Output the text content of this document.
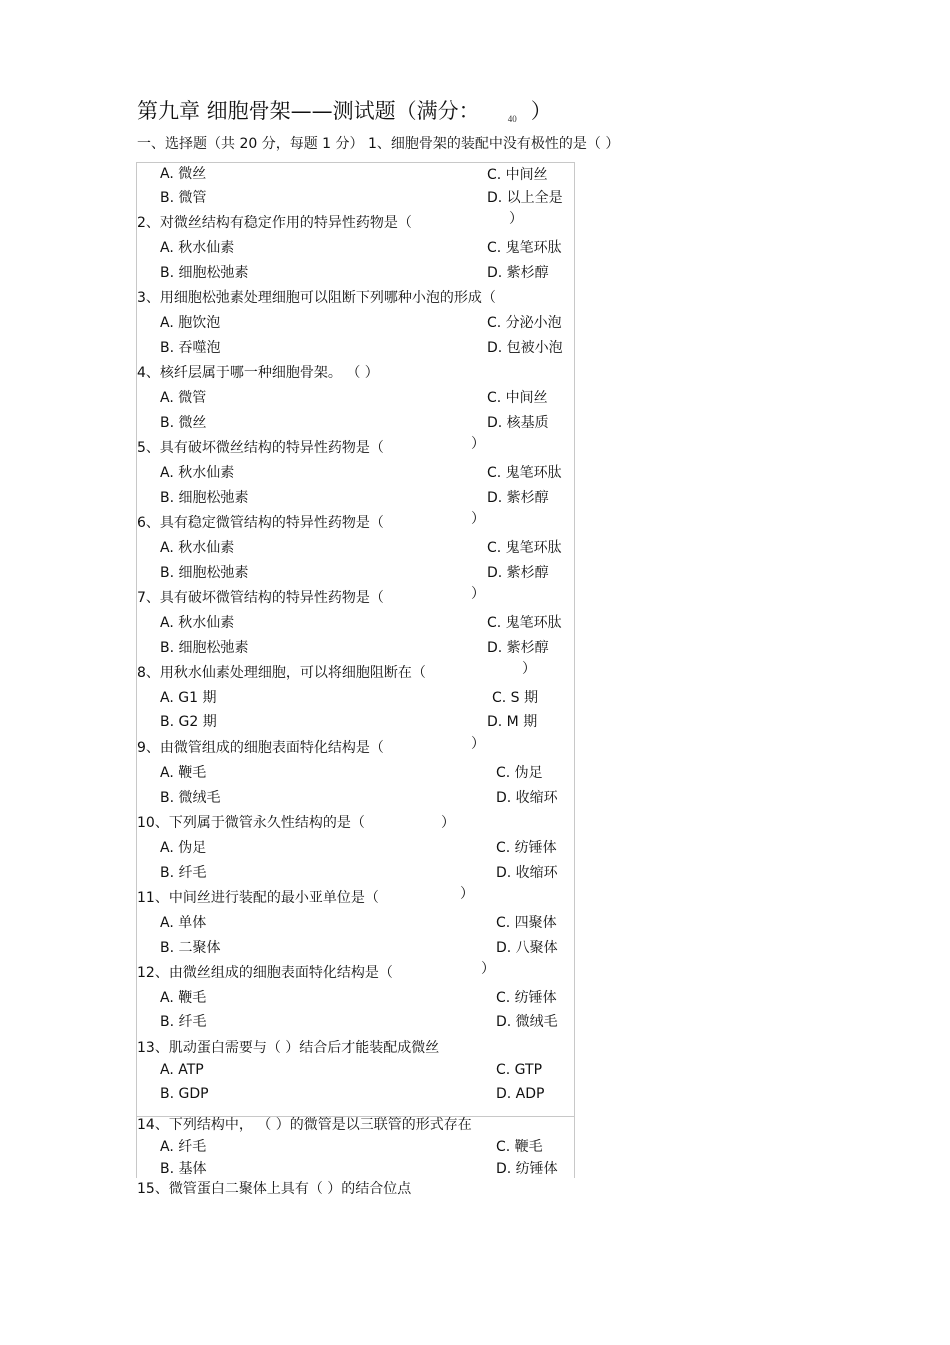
第九章 细胞骨架——测试题（满分：	40 ）
一、选择题（共 20 分，每题 1 分） 1、细胞骨架的装配中没有极性的是（ ）
A. 微丝
B. 微管
C. 中间丝
D. 以上全是
2、对微丝结构有稳定作用的特异性药物是（	）
A. 秋水仙素
B. 细胞松弛素
C. 鬼笔环肽
D. 紫杉醇
3、用细胞松弛素处理细胞可以阻断下列哪种小泡的形成（
A. 胞饮泡
B. 吞噬泡
C. 分泌小泡
D. 包被小泡
4、核纤层属于哪一种细胞骨架。 （ ）
A. 微管
B. 微丝
C. 中间丝
D. 核基质
5、具有破坏微丝结构的特异性药物是（	）
A. 秋水仙素
B. 细胞松弛素
C. 鬼笔环肽
D. 紫杉醇
6、具有稳定微管结构的特异性药物是（	）
A. 秋水仙素
B. 细胞松弛素
C. 鬼笔环肽
D. 紫杉醇
7、具有破坏微管结构的特异性药物是（	）
A. 秋水仙素
B. 细胞松弛素
C. 鬼笔环肽
D. 紫杉醇
8、用秋水仙素处理细胞，可以将细胞阻断在（	）
A. G1 期
B. G2 期
C. S 期
D. M 期
9、由微管组成的细胞表面特化结构是（	）
A. 鞭毛
B. 微绒毛
C. 伪足
D. 收缩环
10、下列属于微管永久性结构的是（	）
A. 伪足
B. 纤毛
C. 纺锤体
D. 收缩环
11、中间丝进行装配的最小亚单位是（	）
A. 单体
B. 二聚体
C. 四聚体
D. 八聚体
12、由微丝组成的细胞表面特化结构是（	）
A. 鞭毛
B. 纤毛
C. 纺锤体
D. 微绒毛
13、肌动蛋白需要与（ ）结合后才能装配成微丝
A. ATP
B. GDP
C. GTP
D. ADP
14、下列结构中， （ ）的微管是以三联管的形式存在
A. 纤毛
B. 基体
C. 鞭毛
D. 纺锤体
15、微管蛋白二聚体上具有（ ）的结合位点
